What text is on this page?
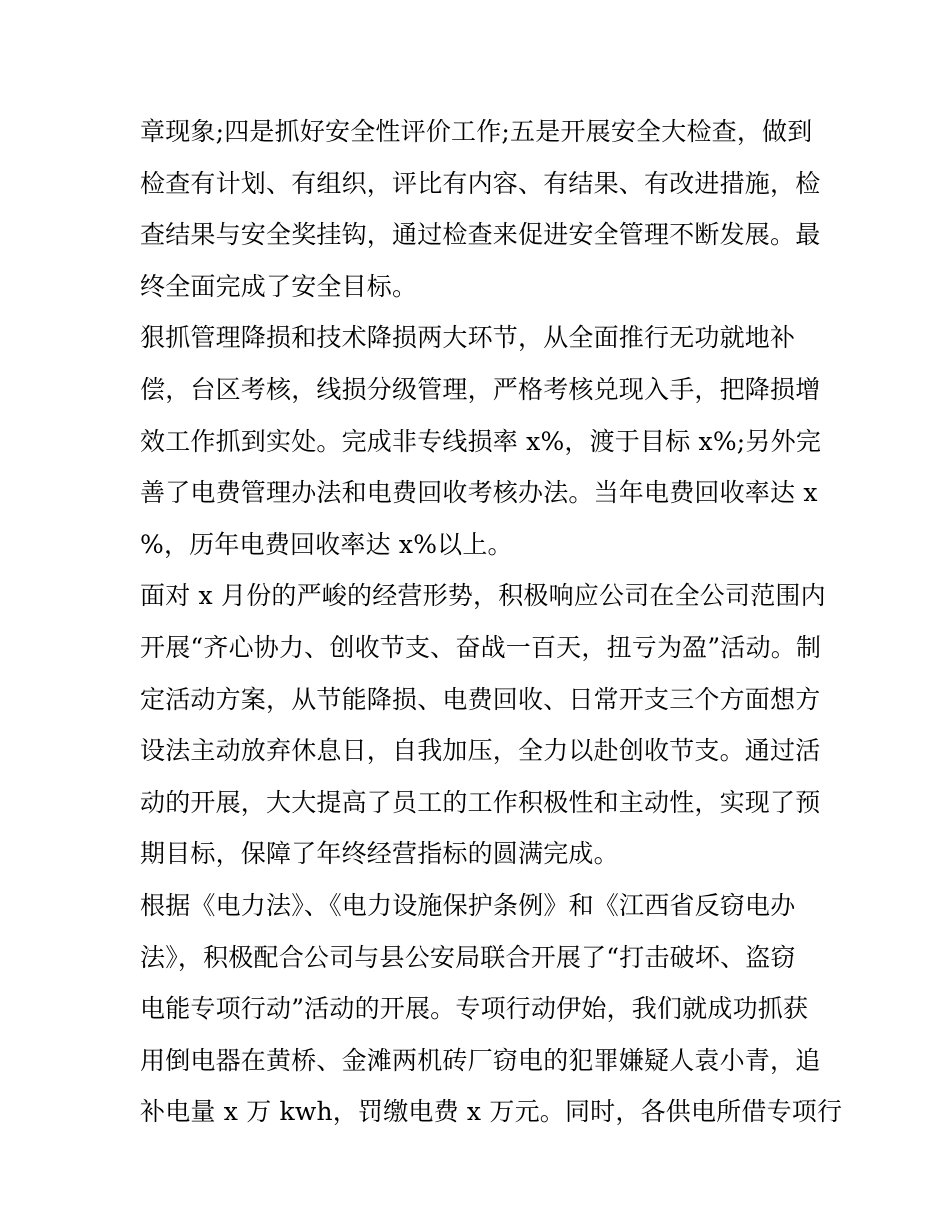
章现象;四是抓好安全性评价工作;五是开展安全大检查，做到
检查有计划、有组织，评比有内容、有结果、有改进措施，检
查结果与安全奖挂钩，通过检查来促进安全管理不断发展。最
终全面完成了安全目标。
狠抓管理降损和技术降损两大环节，从全面推行无功就地补
偿，台区考核，线损分级管理，严格考核兑现入手，把降损增
效工作抓到实处。完成非专线损率 x%，渡于目标 x%;另外完
善了电费管理办法和电费回收考核办法。当年电费回收率达 x
%，历年电费回收率达 x%以上。
面对 x 月份的严峻的经营形势，积极响应公司在全公司范围内
开展“齐心协力、创收节支、奋战一百天，扭亏为盈”活动。制
定活动方案，从节能降损、电费回收、日常开支三个方面想方
设法主动放弃休息日，自我加压，全力以赴创收节支。通过活
动的开展，大大提高了员工的工作积极性和主动性，实现了预
期目标，保障了年终经营指标的圆满完成。
根据《电力法》、《电力设施保护条例》和《江西省反窃电办
法》，积极配合公司与县公安局联合开展了“打击破坏、盗窃
电能专项行动”活动的开展。专项行动伊始，我们就成功抓获
用倒电器在黄桥、金滩两机砖厂窃电的犯罪嫌疑人袁小青，追
补电量 x 万 kwh，罚缴电费 x 万元。同时，各供电所借专项行
